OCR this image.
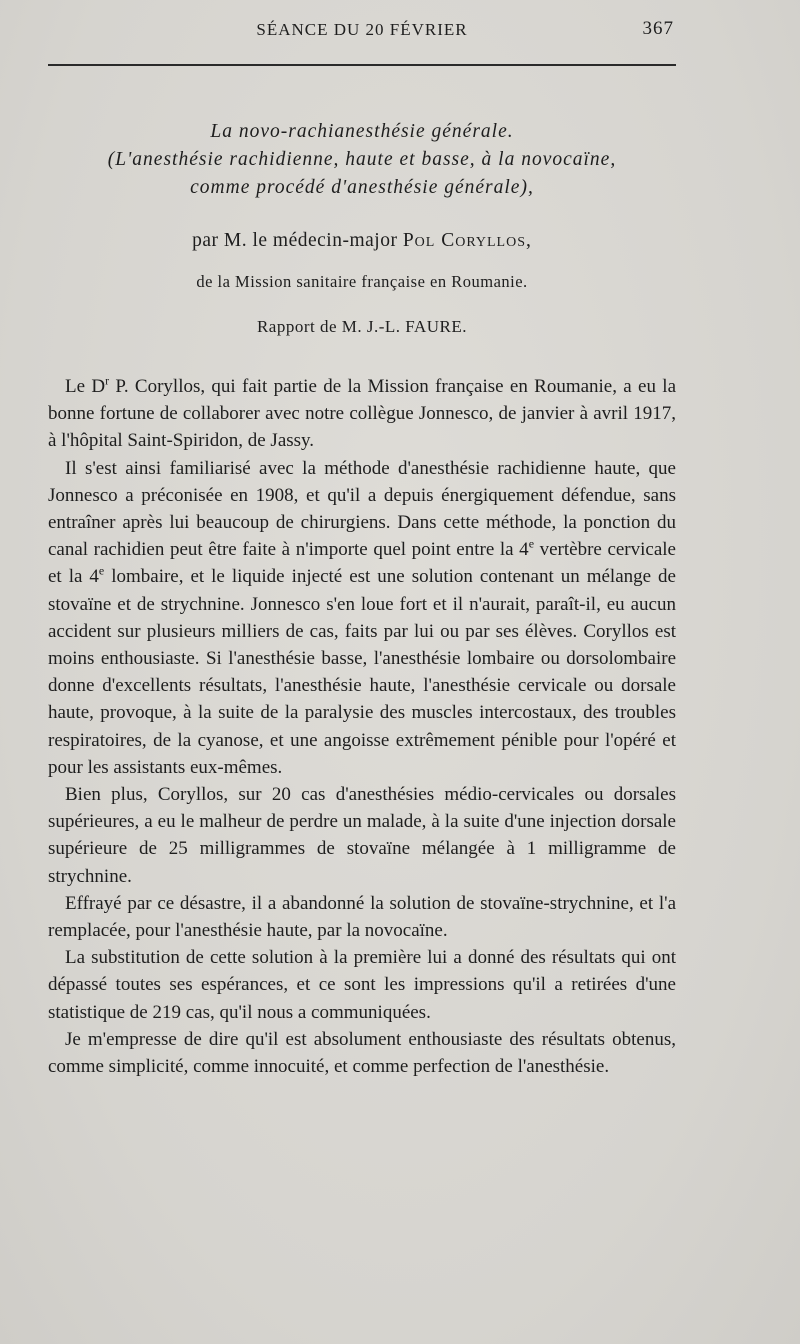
SÉANCE DU 20 FÉVRIER	367
La novo-rachianesthésie générale.
(L'anesthésie rachidienne, haute et basse, à la novocaïne,
comme procédé d'anesthésie générale),
par M. le médecin-major Pol Coryllos,
de la Mission sanitaire française en Roumanie.
Rapport de M. J.-L. FAURE.

Le $D^r$ P. Coryllos, qui fait partie de la Mission française en Roumanie, a eu la bonne fortune de collaborer avec notre collègue Jonnesco, de janvier à avril 1917, à l'hôpital Saint-Spiridon, de Jassy.

Il s'est ainsi familiarisé avec la méthode d'anesthésie rachidienne haute, que Jonnesco a préconisée en 1908, et qu'il a depuis énergiquement défendue, sans entraîner après lui beaucoup de chirurgiens. Dans cette méthode, la ponction du canal rachidien peut être faite à n'importe quel point entre la 4e vertèbre cervicale et la 4e lombaire, et le liquide injecté est une solution contenant un mélange de stovaïne et de strychnine. Jonnesco s'en loue fort et il n'aurait, paraît-il, eu aucun accident sur plusieurs milliers de cas, faits par lui ou par ses élèves. Coryllos est moins enthousiaste. Si l'anesthésie basse, l'anesthésie lombaire ou dorsolombaire donne d'excellents résultats, l'anesthésie haute, l'anesthésie cervicale ou dorsale haute, provoque, à la suite de la paralysie des muscles intercostaux, des troubles respiratoires, de la cyanose, et une angoisse extrêmement pénible pour l'opéré et pour les assistants eux-mêmes.

Bien plus, Coryllos, sur 20 cas d'anesthésies médio-cervicales ou dorsales supérieures, a eu le malheur de perdre un malade, à la suite d'une injection dorsale supérieure de 25 milligrammes de stovaïne mélangée à 1 milligramme de strychnine.

Effrayé par ce désastre, il a abandonné la solution de stovaïne-strychnine, et l'a remplacée, pour l'anesthésie haute, par la novocaïne.

La substitution de cette solution à la première lui a donné des résultats qui ont dépassé toutes ses espérances, et ce sont les impressions qu'il a retirées d'une statistique de 219 cas, qu'il nous a communiquées.

Je m'empresse de dire qu'il est absolument enthousiaste des résultats obtenus, comme simplicité, comme innocuité, et comme perfection de l'anesthésie.
